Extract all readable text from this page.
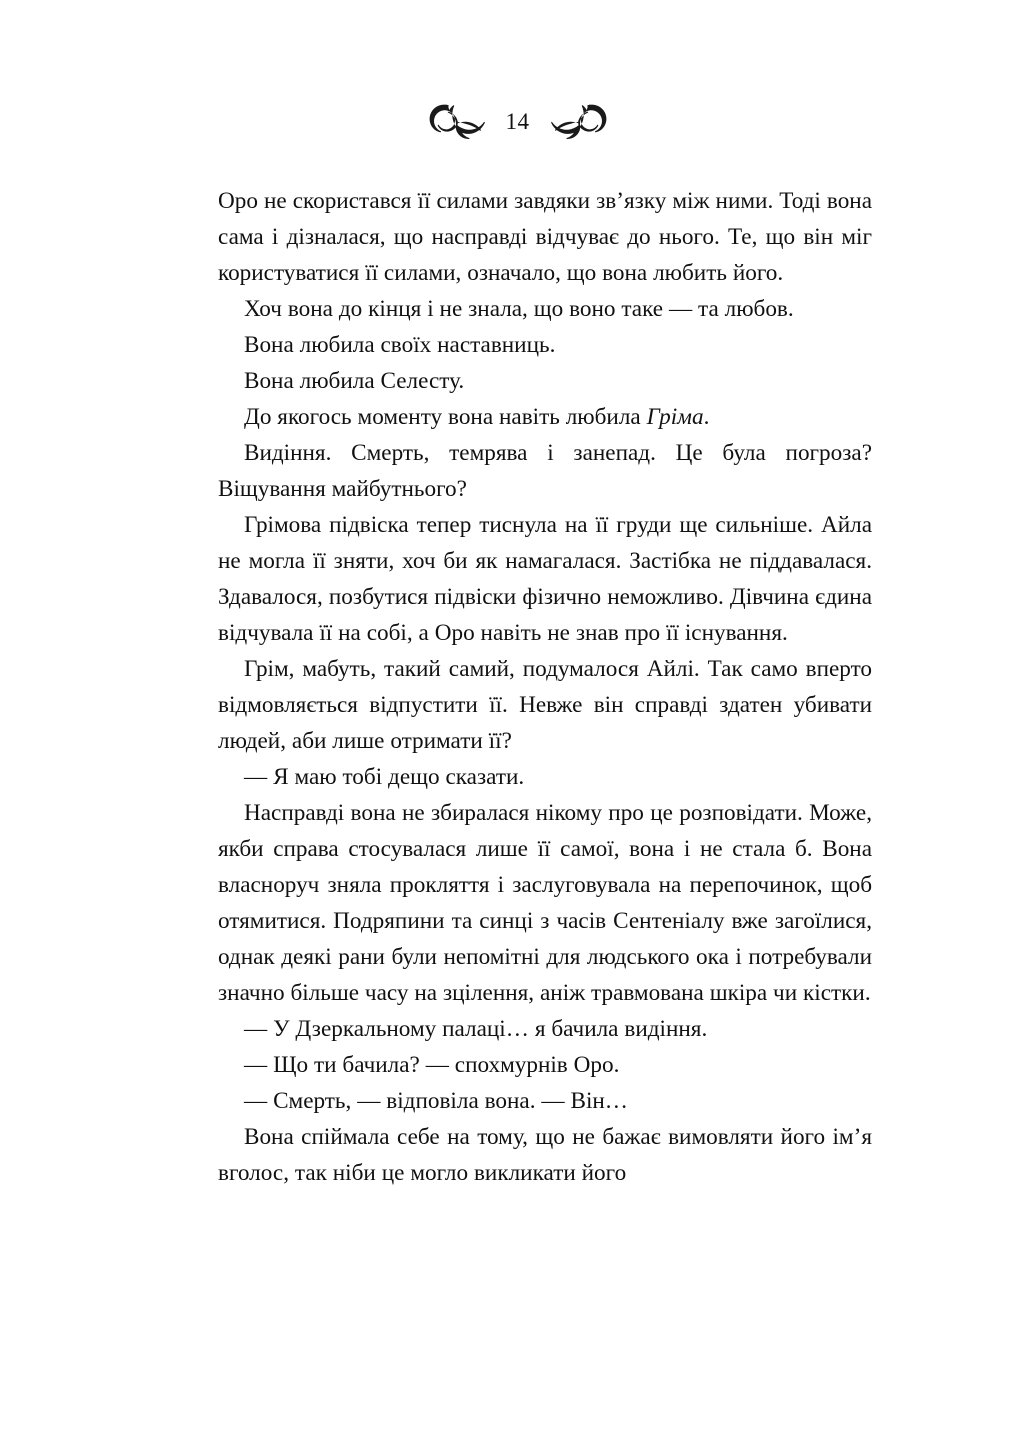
14

Оро не скористався її силами завдяки зв’язку між ними. Тоді вона сама і дізналася, що насправді відчуває до нього. Те, що він міг користуватися її силами, означало, що вона любить його.

Хоч вона до кінця і не знала, що воно таке — та любов.

Вона любила своїх наставниць.

Вона любила Селесту.

До якогось моменту вона навіть любила Гріма.

Видіння. Смерть, темрява і занепад. Це була погроза? Віщування майбутнього?

Грімова підвіска тепер тиснула на її груди ще сильніше. Айла не могла її зняти, хоч би як намагалася. Застібка не піддавалася. Здавалося, позбутися підвіски фізично неможливо. Дівчина єдина відчувала її на собі, а Оро навіть не знав про її існування.

Грім, мабуть, такий самий, подумалося Айлі. Так само вперто відмовляється відпустити її. Невже він справді здатен убивати людей, аби лише отримати її?

— Я маю тобі дещо сказати.

Насправді вона не збиралася нікому про це розповідати. Може, якби справа стосувалася лише її самої, вона і не стала б. Вона власноруч зняла прокляття і заслуговувала на перепочинок, щоб отямитися. Подряпини та синці з часів Сентеніалу вже загоїлися, однак деякі рани були непомітні для людського ока і потребували значно більше часу на зцілення, аніж травмована шкіра чи кістки.

— У Дзеркальному палаці… я бачила видіння.

— Що ти бачила? — спохмурнів Оро.

— Смерть, — відповіла вона. — Він…

Вона спіймала себе на тому, що не бажає вимовляти його ім’я вголос, так ніби це могло викликати його
